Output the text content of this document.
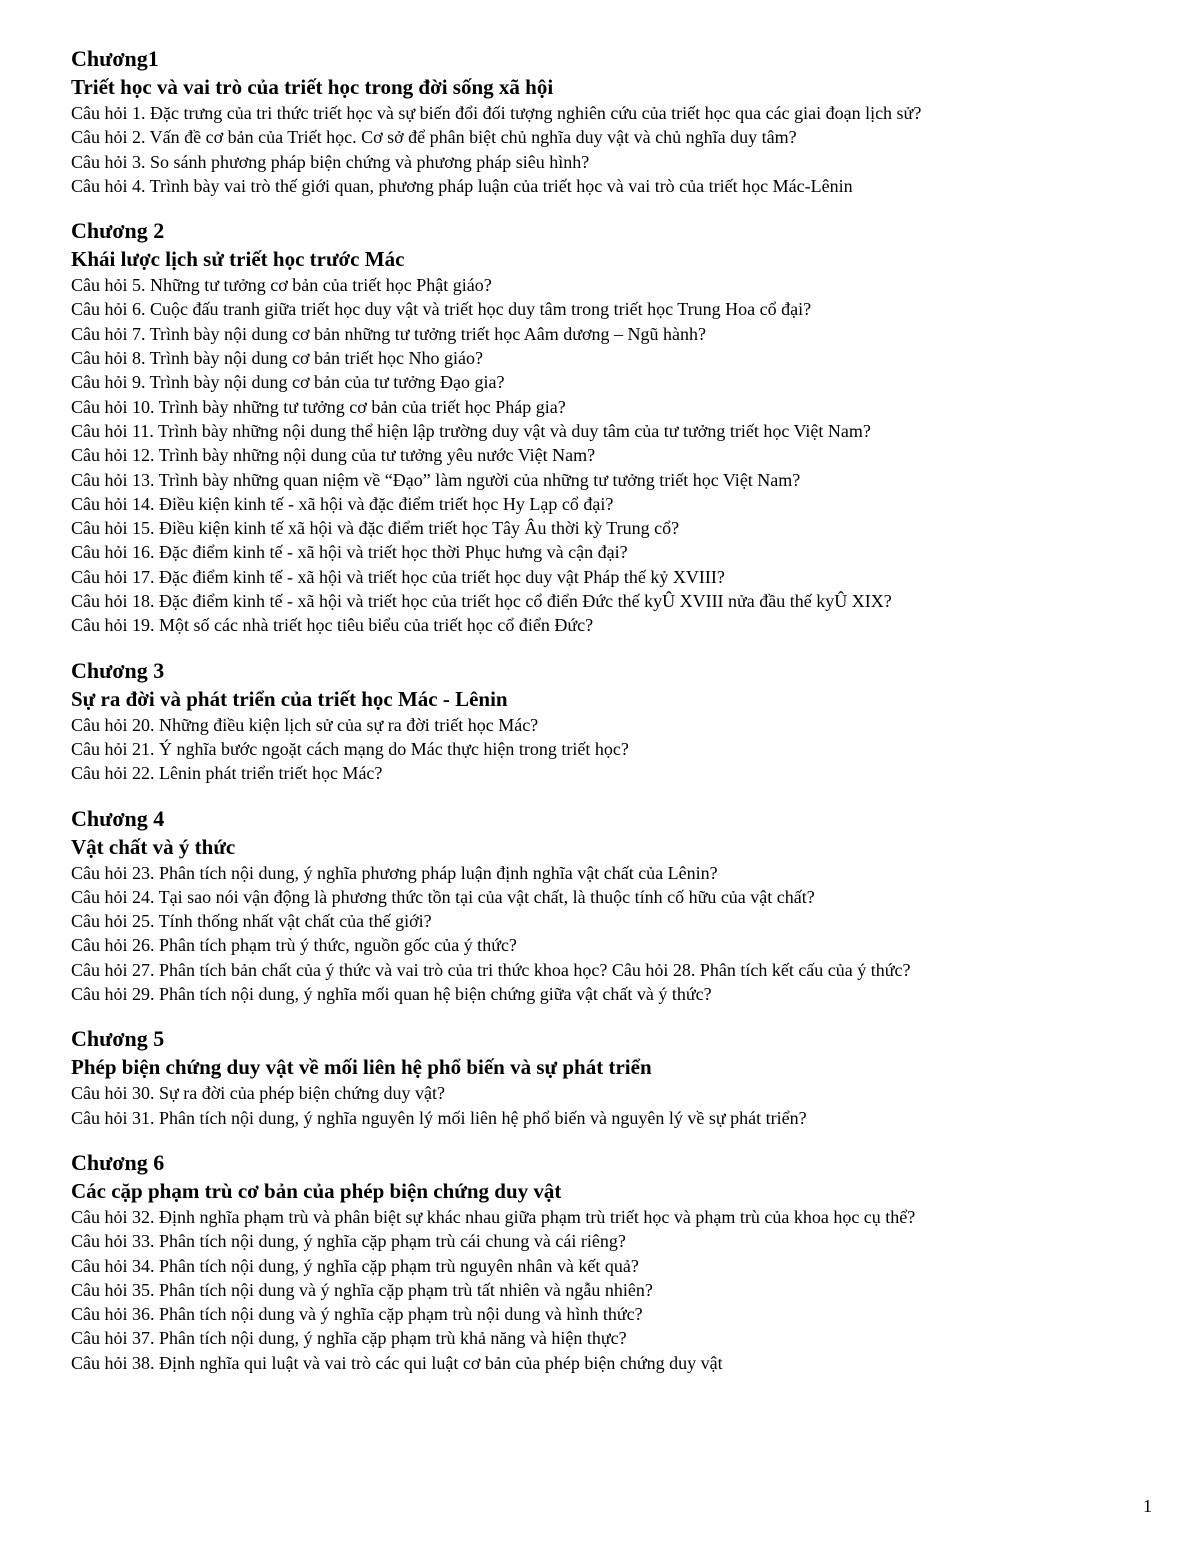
Chương1
Triết học và vai trò của triết học trong đời sống xã hội
Câu hỏi 1. Đặc trưng của tri thức triết học và sự biến đổi đối tượng nghiên cứu của triết học qua các giai đoạn lịch sử?
Câu hỏi 2. Vấn đề cơ bản của Triết học. Cơ sở để phân biệt chủ nghĩa duy vật và chủ nghĩa duy tâm?
Câu hỏi 3. So sánh phương pháp biện chứng và phương pháp siêu hình?
Câu hỏi 4. Trình bày vai trò thế giới quan, phương pháp luận của triết học và vai trò của triết học Mác-Lênin
Chương 2
Khái lược lịch sử triết học trước Mác
Câu hỏi 5. Những tư tưởng cơ bản của triết học Phật giáo?
Câu hỏi 6. Cuộc đấu tranh giữa triết học duy vật và triết học duy tâm trong triết học Trung Hoa cổ đại?
Câu hỏi 7. Trình bày nội dung cơ bản những tư tưởng triết học Aâm dương – Ngũ hành?
Câu hỏi 8. Trình bày nội dung cơ bản triết học Nho giáo?
Câu hỏi 9. Trình bày nội dung cơ bản của tư tưởng Đạo gia?
Câu hỏi 10. Trình bày những tư tưởng cơ bản của triết học Pháp gia?
Câu hỏi 11. Trình bày những nội dung thể hiện lập trường duy vật và duy tâm của tư tưởng triết học Việt Nam?
Câu hỏi 12. Trình bày những nội dung của tư tưởng yêu nước Việt Nam?
Câu hỏi 13. Trình bày những quan niệm về “Đạo” làm người của những tư tưởng triết học Việt Nam?
Câu hỏi 14. Điều kiện kinh tế - xã hội và đặc điểm triết học Hy Lạp cổ đại?
Câu hỏi 15. Điều kiện kinh tế xã hội và đặc điểm triết học Tây Âu thời kỳ Trung cổ?
Câu hỏi 16. Đặc điểm kinh tế - xã hội và triết học thời Phục hưng và cận đại?
Câu hỏi 17. Đặc điểm kinh tế - xã hội và triết học của triết học duy vật Pháp thế kỷ XVIII?
Câu hỏi 18. Đặc điểm kinh tế - xã hội và triết học của triết học cổ điển Đức thế kyÛ XVIII nửa đầu thế kyÛ XIX?
Câu hỏi 19. Một số các nhà triết học tiêu biểu của triết học cổ điển Đức?
Chương 3
Sự ra đời và phát triển của triết học Mác - Lênin
Câu hỏi 20. Những điều kiện lịch sử của sự ra đời triết học Mác?
Câu hỏi 21. Ý nghĩa bước ngoặt cách mạng do Mác thực hiện trong triết học?
Câu hỏi 22. Lênin phát triển triết học Mác?
Chương 4
Vật chất và ý thức
Câu hỏi 23. Phân tích nội dung, ý nghĩa phương pháp luận định nghĩa vật chất của Lênin?
Câu hỏi 24. Tại sao nói vận động là phương thức tồn tại của vật chất, là thuộc tính cố hữu của vật chất?
Câu hỏi 25. Tính thống nhất vật chất của thế giới?
Câu hỏi 26. Phân tích phạm trù ý thức, nguồn gốc của ý thức?
Câu hỏi 27. Phân tích bản chất của ý thức và vai trò của tri thức khoa học? Câu hỏi 28. Phân tích kết cấu của ý thức?
Câu hỏi 29. Phân tích nội dung, ý nghĩa mối quan hệ biện chứng giữa vật chất và ý thức?
Chương 5
Phép biện chứng duy vật về mối liên hệ phổ biến và sự phát triển
Câu hỏi 30. Sự ra đời của phép biện chứng duy vật?
Câu hỏi 31. Phân tích nội dung, ý nghĩa nguyên lý mối liên hệ phổ biến và nguyên lý về sự phát triển?
Chương 6
Các cặp phạm trù cơ bản của phép biện chứng duy vật
Câu hỏi 32. Định nghĩa phạm trù và phân biệt sự khác nhau giữa phạm trù triết học và phạm trù của khoa học cụ thể?
Câu hỏi 33. Phân tích nội dung, ý nghĩa cặp phạm trù cái chung và cái riêng?
Câu hỏi 34. Phân tích nội dung, ý nghĩa cặp phạm trù nguyên nhân và kết quả?
Câu hỏi 35. Phân tích nội dung và ý nghĩa cặp phạm trù tất nhiên và ngẫu nhiên?
Câu hỏi 36. Phân tích nội dung và ý nghĩa cặp phạm trù nội dung và hình thức?
Câu hỏi 37. Phân tích nội dung, ý nghĩa cặp phạm trù khả năng và hiện thực?
Câu hỏi 38. Định nghĩa qui luật và vai trò các qui luật cơ bản của phép biện chứng duy vật
1
